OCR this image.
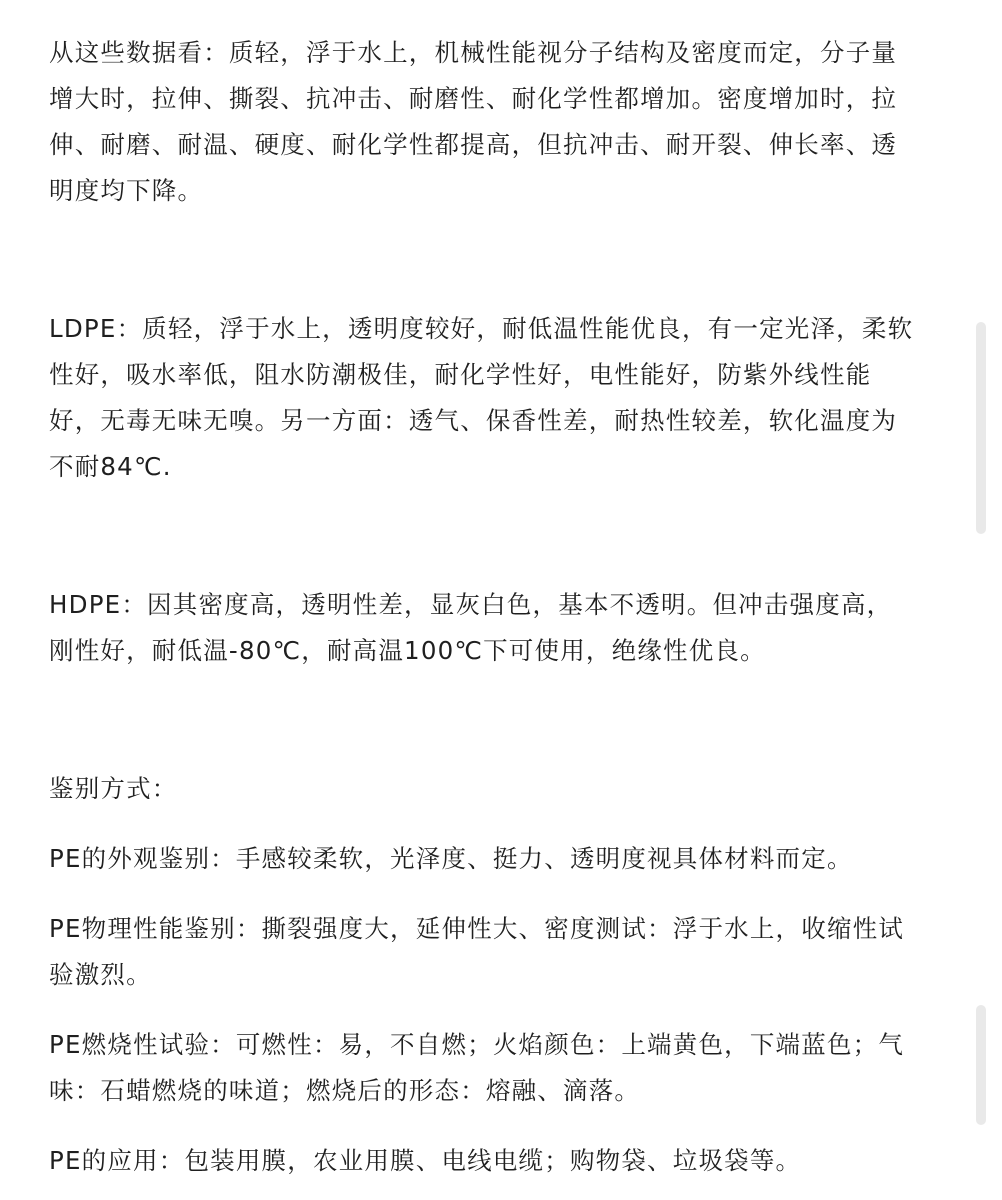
从这些数据看：质轻，浮于水上，机械性能视分子结构及密度而定，分子量
增大时，拉伸、撕裂、抗冲击、耐磨性、耐化学性都增加。密度增加时，拉
伸、耐磨、耐温、硬度、耐化学性都提高，但抗冲击、耐开裂、伸长率、透
明度均下降。

LDPE：质轻，浮于水上，透明度较好，耐低温性能优良，有一定光泽，柔软
性好，吸水率低，阻水防潮极佳，耐化学性好，电性能好，防紫外线性能
好，无毒无味无嗅。另一方面：透气、保香性差，耐热性较差，软化温度为
不耐84℃.

HDPE：因其密度高，透明性差，显灰白色，基本不透明。但冲击强度高，
刚性好，耐低温-80℃，耐高温100℃下可使用，绝缘性优良。

鉴别方式：

PE的外观鉴别：手感较柔软，光泽度、挺力、透明度视具体材料而定。

PE物理性能鉴别：撕裂强度大，延伸性大、密度测试：浮于水上，收缩性试
验激烈。

PE燃烧性试验：可燃性：易，不自燃；火焰颜色：上端黄色，下端蓝色；气
味：石蜡燃烧的味道；燃烧后的形态：熔融、滴落。

PE的应用：包装用膜，农业用膜、电线电缆；购物袋、垃圾袋等。
